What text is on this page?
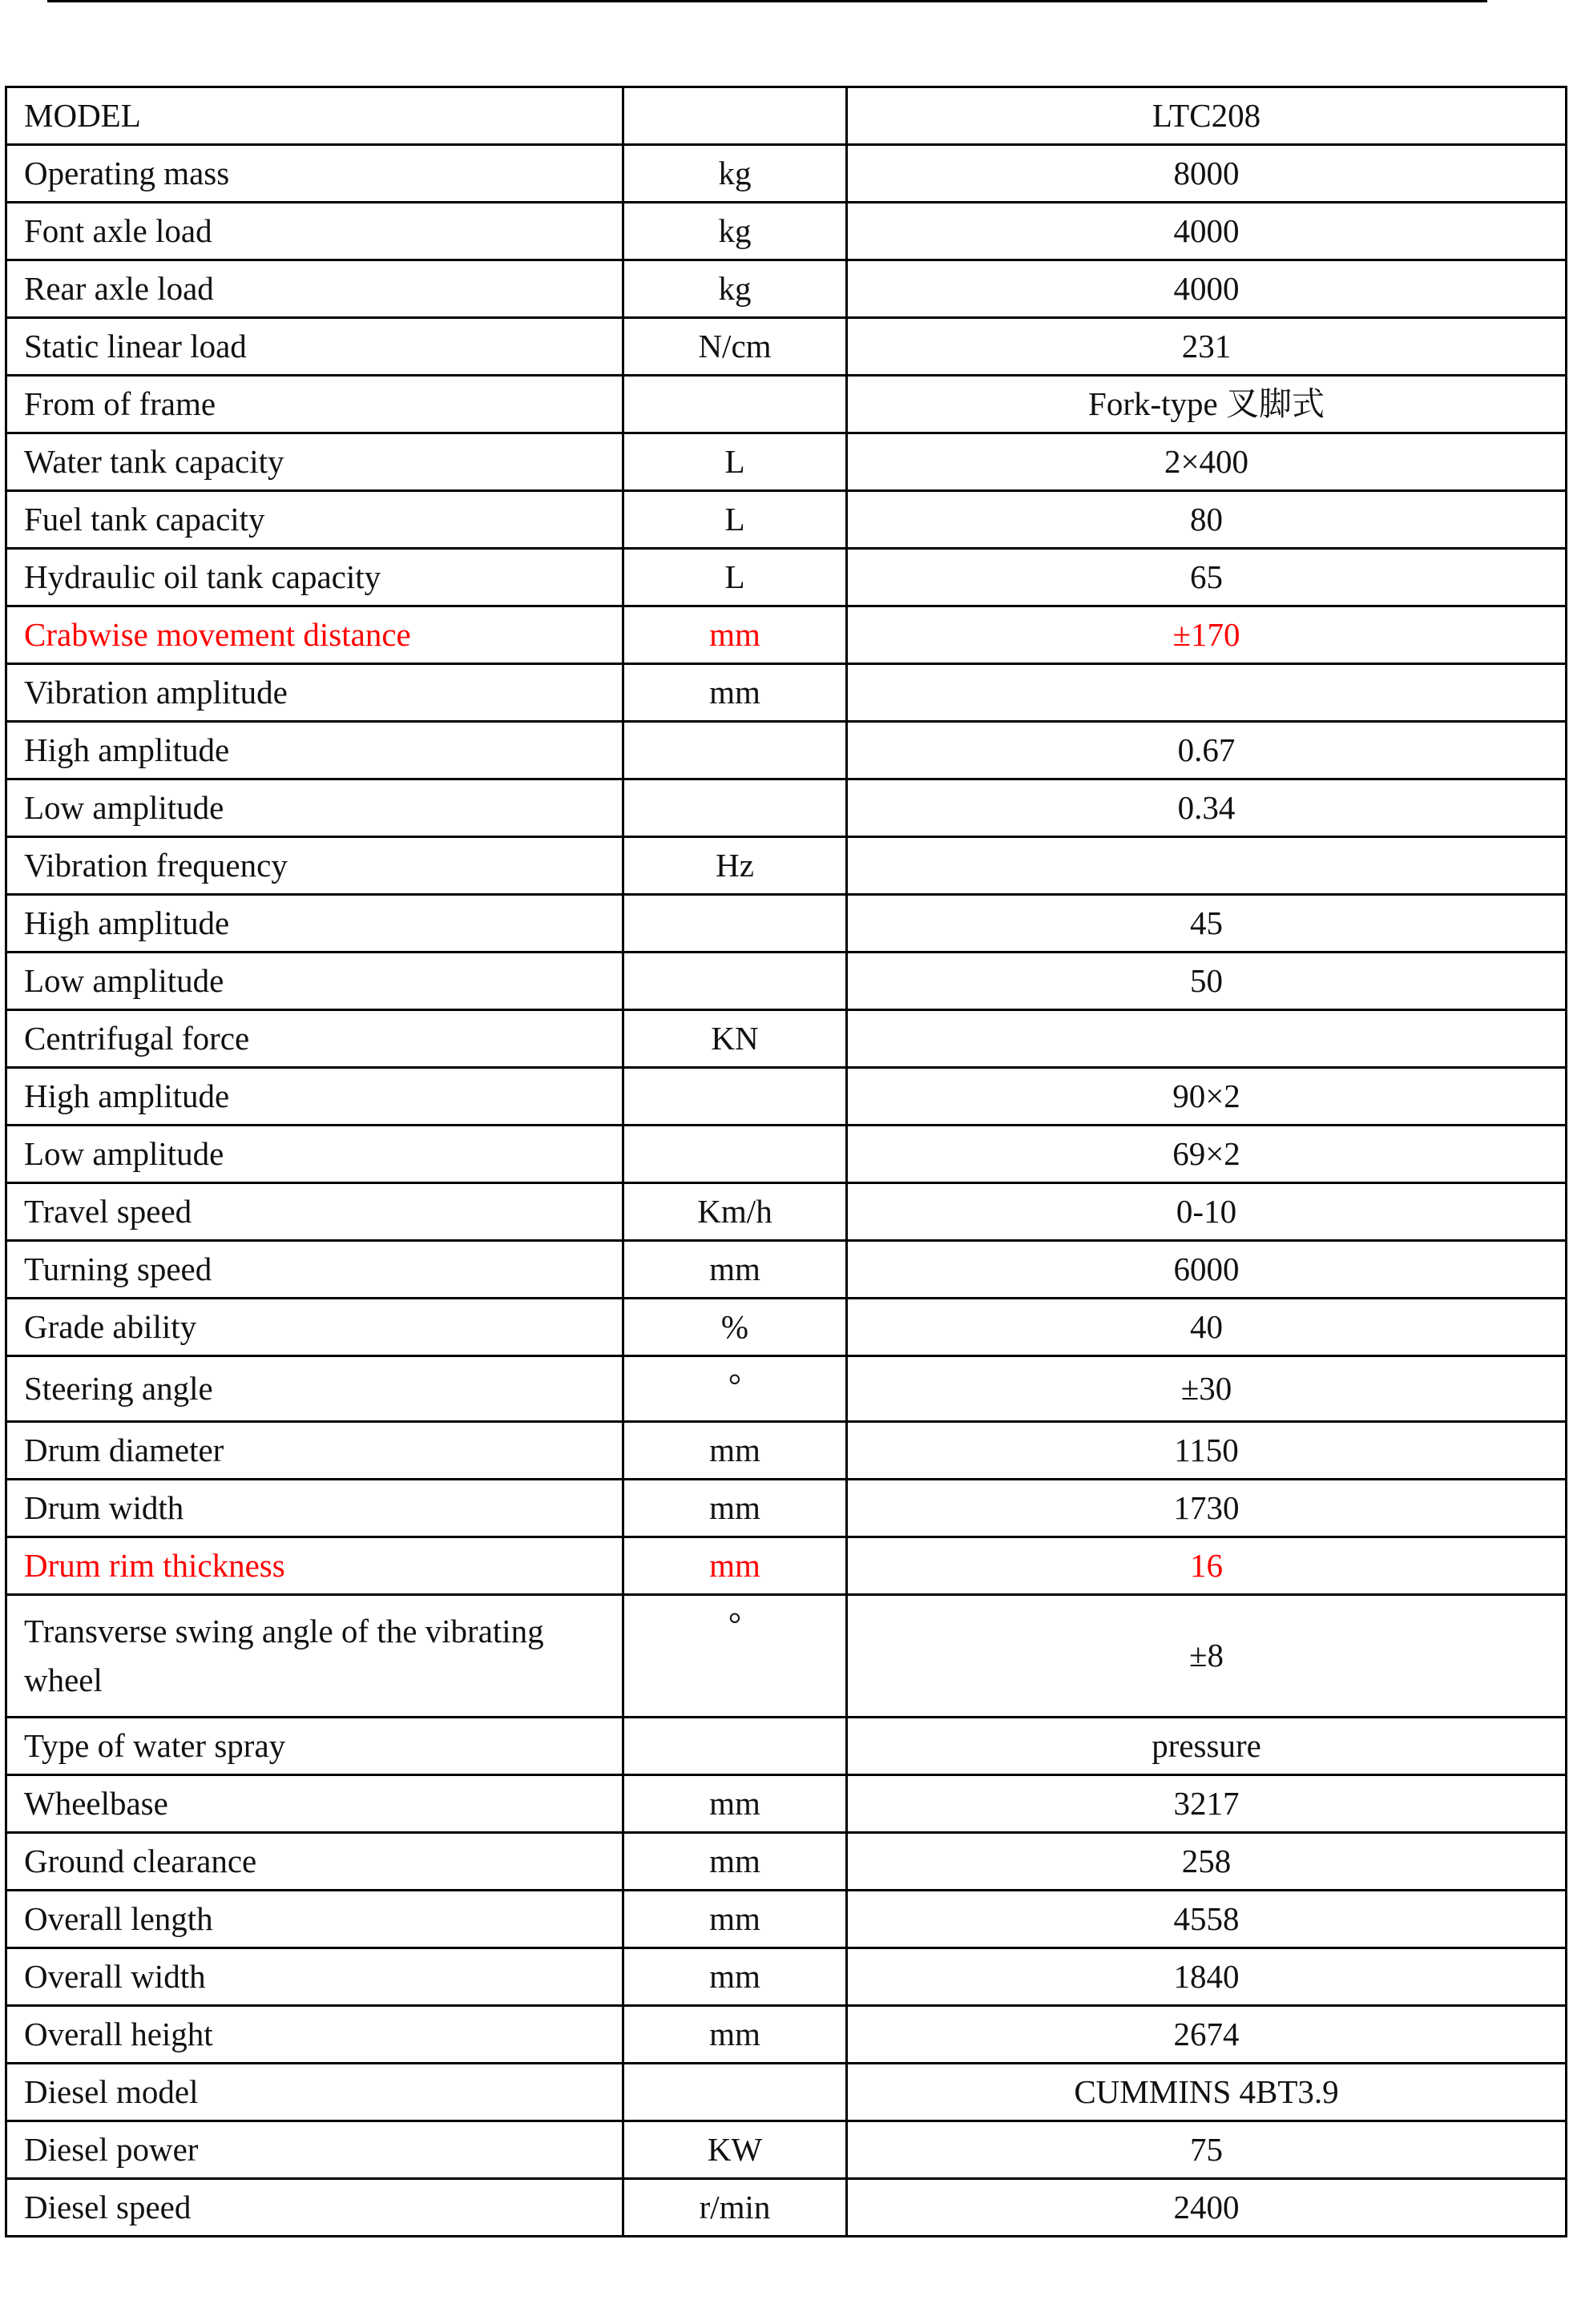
MODEL		LTC208
Operating mass	kg	8000
Font axle load	kg	4000
Rear axle load	kg	4000
Static linear load	N/cm	231
From of frame		Fork-type 叉脚式
Water tank capacity	L	2×400
Fuel tank capacity	L	80
Hydraulic oil tank capacity	L	65
Crabwise movement distance	mm	±170
Vibration amplitude	mm	
High amplitude		0.67
Low amplitude		0.34
Vibration frequency	Hz	
High amplitude		45
Low amplitude		50
Centrifugal force	KN	
High amplitude		90×2
Low amplitude		69×2
Travel speed	Km/h	0-10
Turning speed	mm	6000
Grade ability	%	40
Steering angle	°	±30
Drum diameter	mm	1150
Drum width	mm	1730
Drum rim thickness	mm	16
Transverse swing angle of the vibrating wheel	°	±8
Type of water spray		pressure
Wheelbase	mm	3217
Ground clearance	mm	258
Overall length	mm	4558
Overall width	mm	1840
Overall height	mm	2674
Diesel model		CUMMINS 4BT3.9
Diesel power	KW	75
Diesel speed	r/min	2400
